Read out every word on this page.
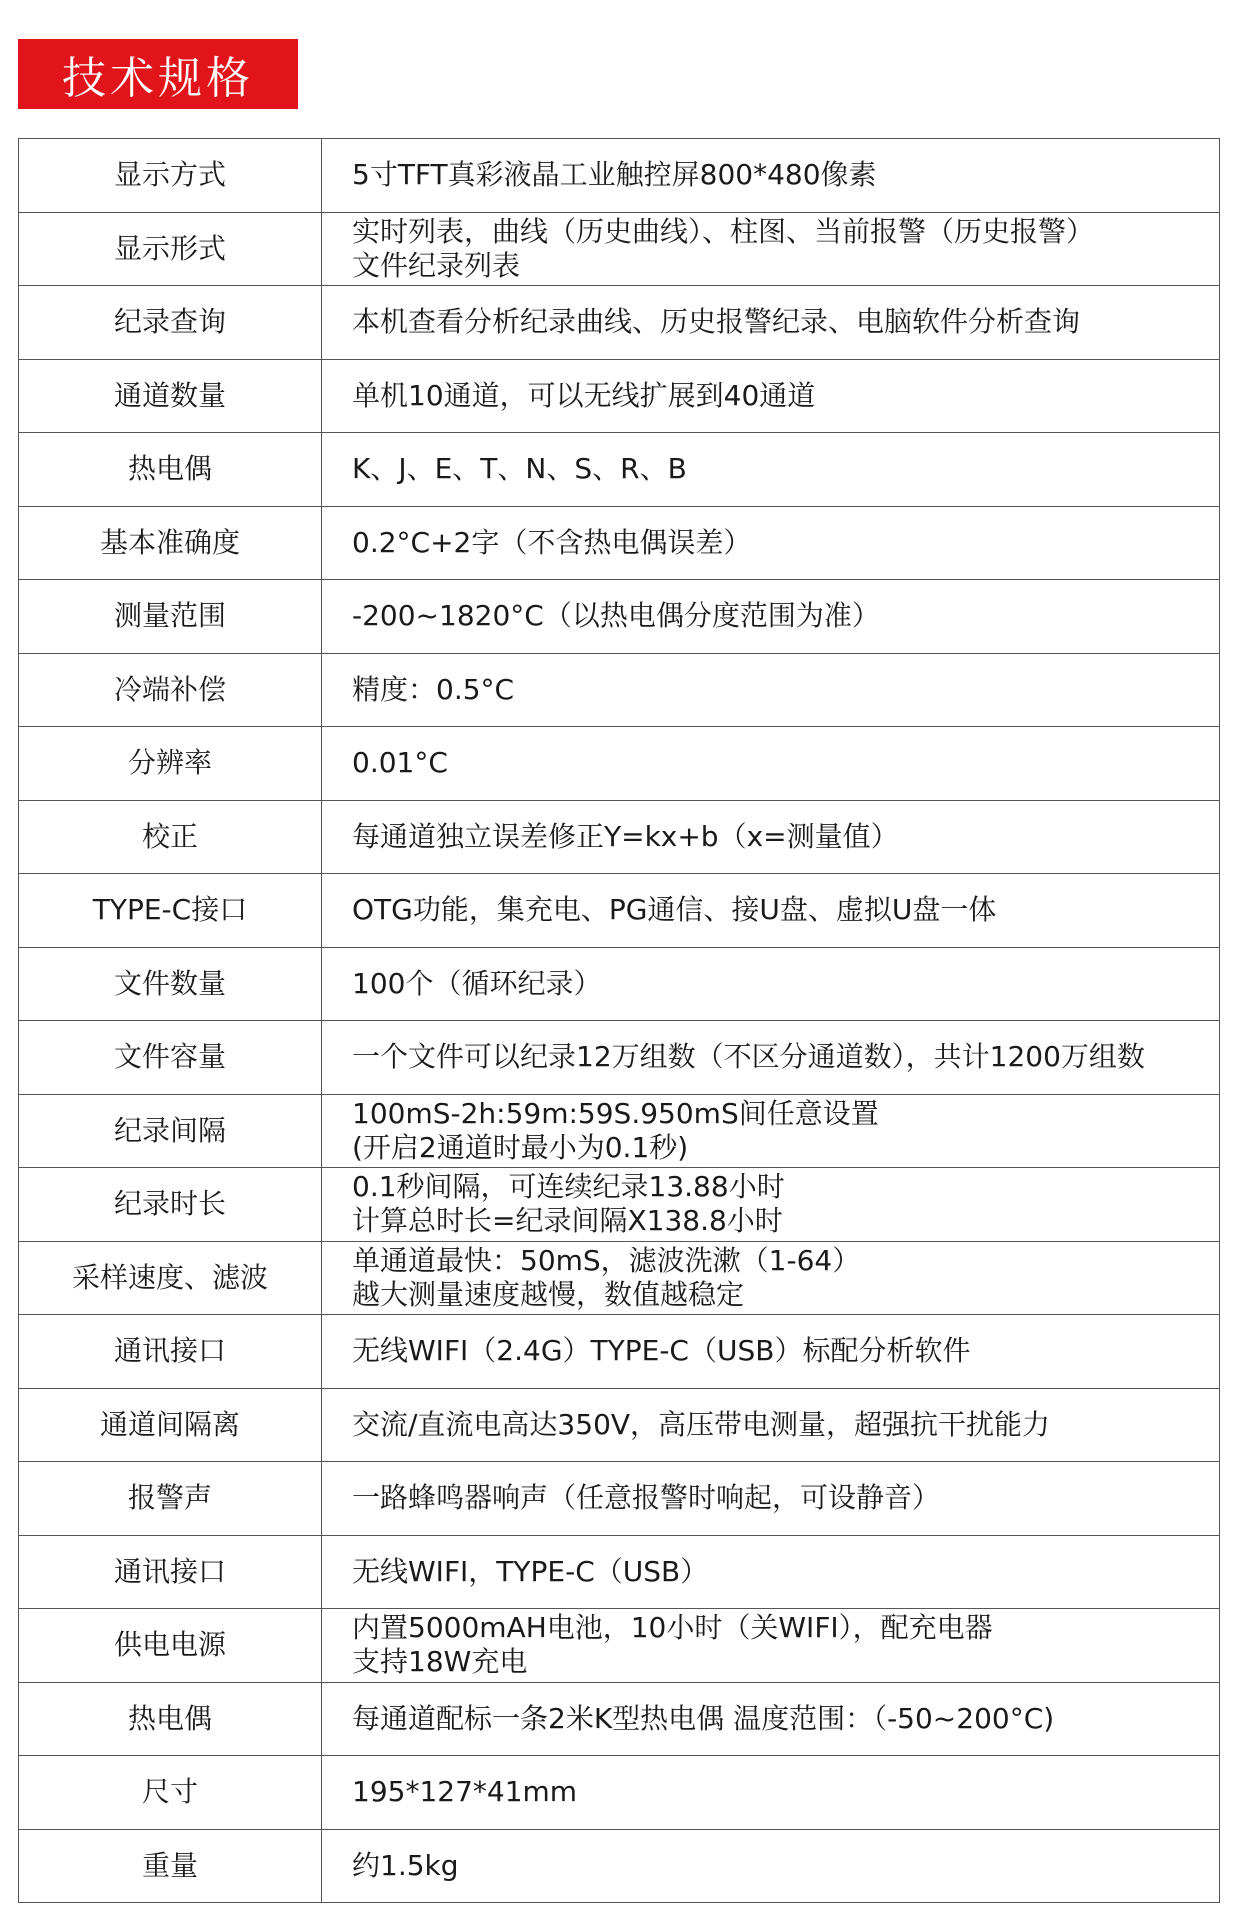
技术规格
显示方式	5寸TFT真彩液晶工业触控屏800*480像素

显示形式	实时列表，曲线（历史曲线）、柱图、当前报警（历史报警）
文件纪录列表

纪录查询	本机查看分析纪录曲线、历史报警纪录、电脑软件分析查询

通道数量	单机10通道，可以无线扩展到40通道

热电偶	K、J、E、T、N、S、R、B

基本准确度	0.2°C+2字（不含热电偶误差）

测量范围	-200~1820°C（以热电偶分度范围为准）

冷端补偿	精度：0.5°C

分辨率	0.01°C

校正	每通道独立误差修正Y=kx+b（x=测量值）

TYPE-C接口	OTG功能，集充电、PG通信、接U盘、虚拟U盘一体

文件数量	100个（循环纪录）

文件容量	一个文件可以纪录12万组数（不区分通道数），共计1200万组数

纪录间隔	100mS-2h:59m:59S.950mS间任意设置
(开启2通道时最小为0.1秒)

纪录时长	0.1秒间隔，可连续纪录13.88小时
计算总时长=纪录间隔X138.8小时

采样速度、滤波	单通道最快：50mS，滤波洗漱（1-64）
越大测量速度越慢，数值越稳定

通讯接口	无线WIFI（2.4G）TYPE-C（USB）标配分析软件

通道间隔离	交流/直流电高达350V，高压带电测量，超强抗干扰能力

报警声	一路蜂鸣器响声（任意报警时响起，可设静音）

通讯接口	无线WIFI，TYPE-C（USB）

供电电源	内置5000mAH电池，10小时（关WIFI），配充电器
支持18W充电

热电偶	每通道配标一条2米K型热电偶 温度范围：（-50~200°C)

尺寸	195*127*41mm

重量	约1.5kg
